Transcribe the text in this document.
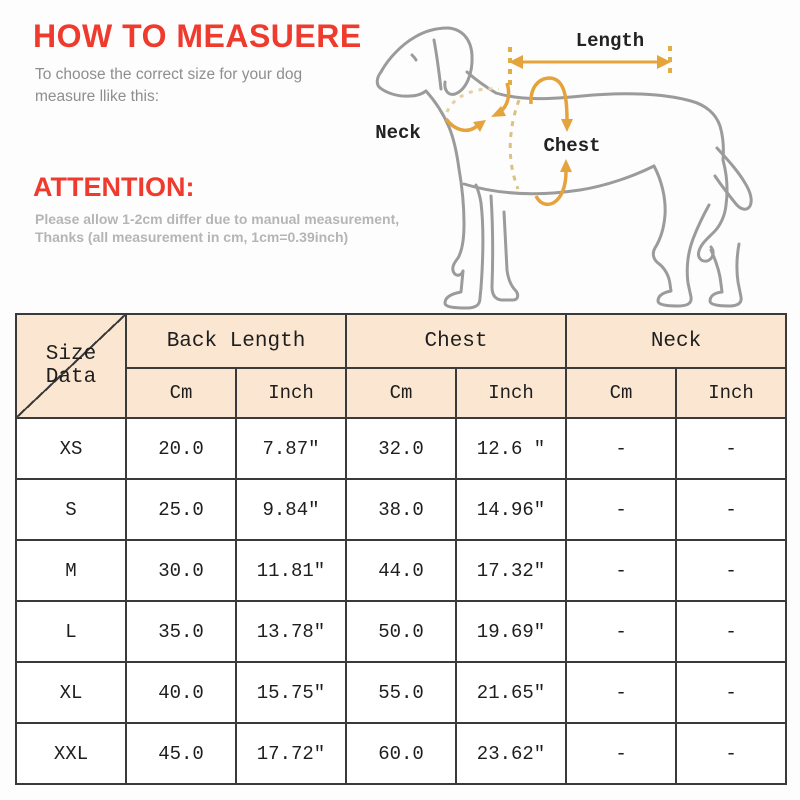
HOW TO MEASUERE
To choose the correct size for your dog
measure llike this:
ATTENTION:
Please allow 1-2cm differ due to manual measurement,
Thanks (all measurement in cm, 1cm=0.39inch)
Length
Neck
Chest
Size Data	Back Length		Chest		Neck	
	Cm	Inch	Cm	Inch	Cm	Inch
XS	20.0	7.87″	32.0	12.6 ″	-	-
S	25.0	9.84″	38.0	14.96″	-	-
M	30.0	11.81″	44.0	17.32″	-	-
L	35.0	13.78″	50.0	19.69″	-	-
XL	40.0	15.75″	55.0	21.65″	-	-
XXL	45.0	17.72″	60.0	23.62″	-	-
